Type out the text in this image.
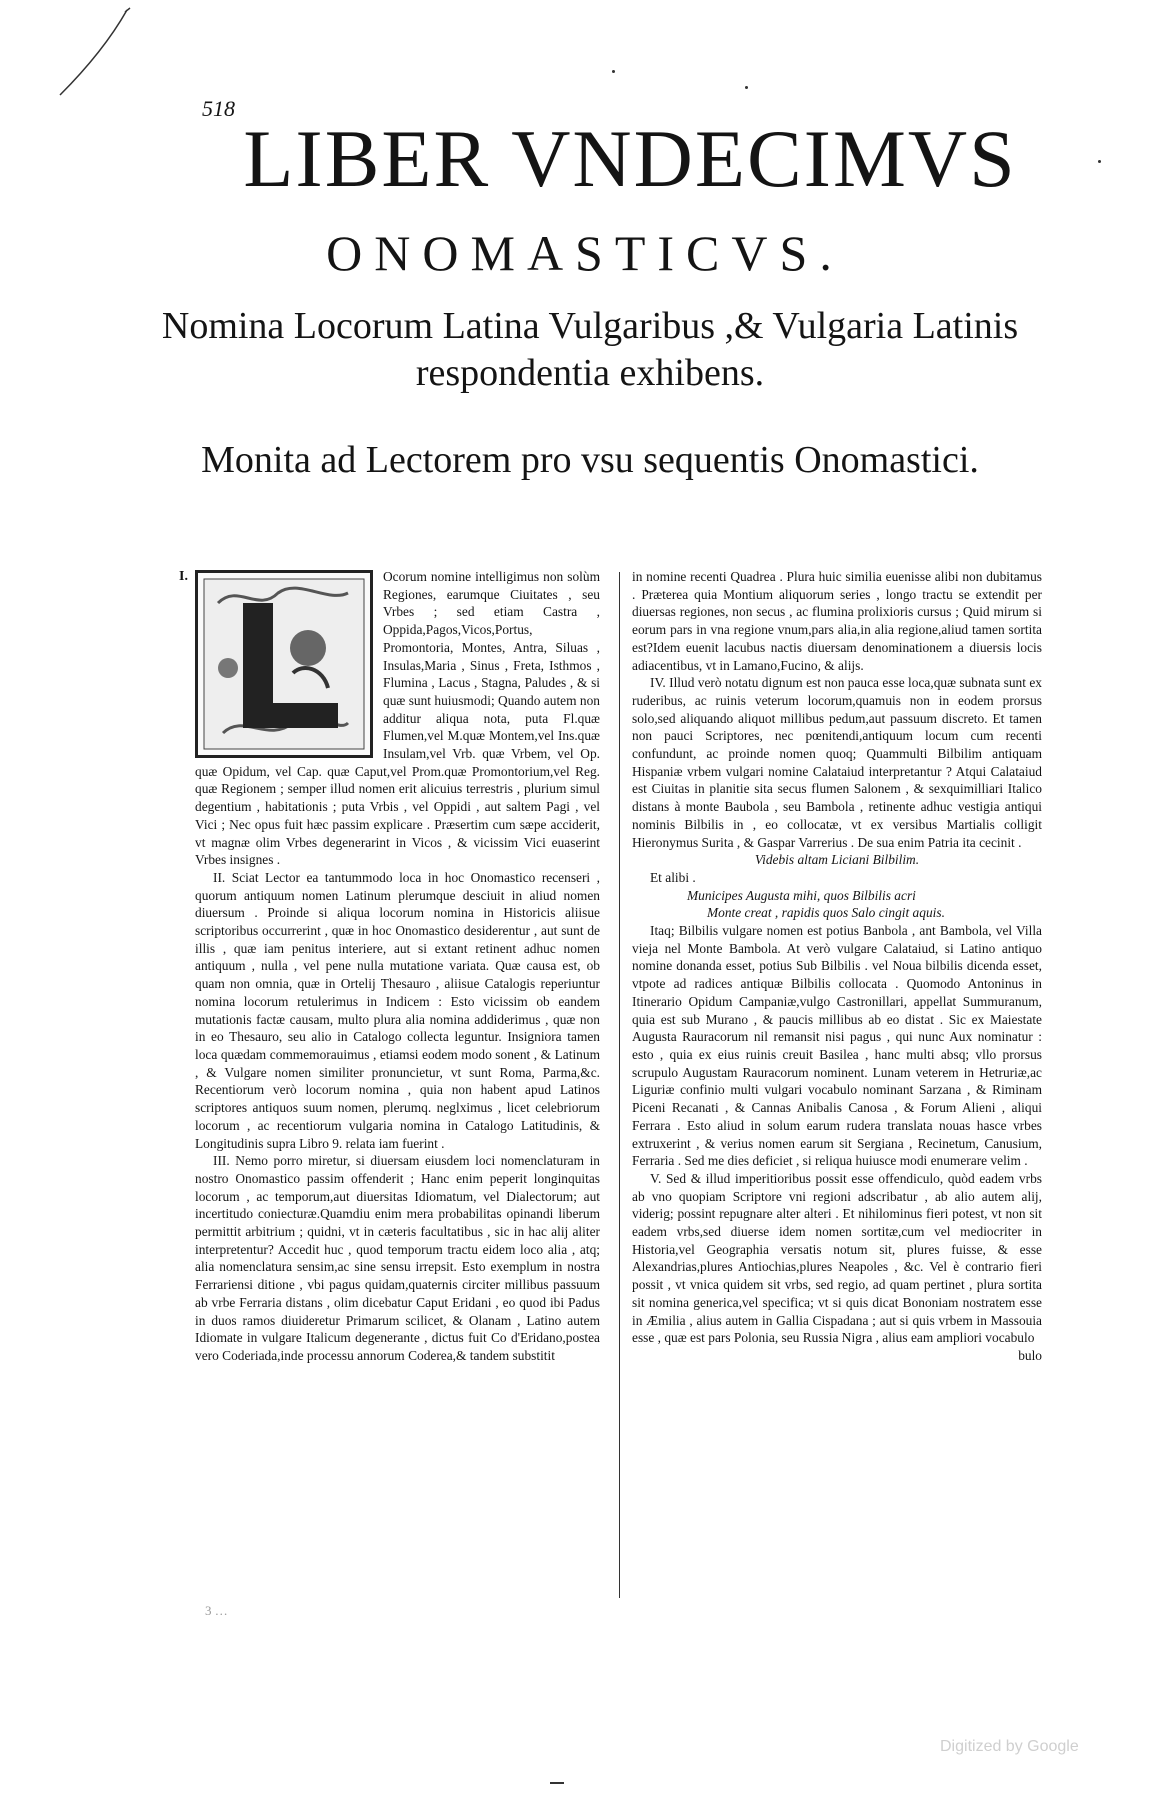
518
LIBER VNDECIMVS
ONOMASTICVS.
Nomina Locorum Latina Vulgaribus ,& Vulgaria Latinis respondentia exhibens.
Monita ad Lectorem pro vsu sequentis Onomastici.
I.	Ocorum nomine intelligimus non solùm Regiones, earumque Ciuitates , seu Vrbes ; sed etiam Castra , Oppida,Pagos,Vicos,Portus, Promontoria, Montes, Antra, Siluas , Insulas,Maria , Sinus , Freta, Isthmos , Flumina , Lacus , Stagna, Paludes , & si quæ sunt huiusmodi; Quando autem non additur aliqua nota, puta Fl.quæ Flumen,vel M.quæ Montem,vel Ins.quæ Insulam,vel Vrb. quæ Vrbem, vel Op. quæ Opidum, vel Cap. quæ Caput,vel Prom.quæ Promontorium,vel Reg. quæ Regionem ; semper illud nomen erit alicuius terrestris , plurium simul degentium , habitationis ; puta Vrbis , vel Oppidi , aut saltem Pagi , vel Vici ; Nec opus fuit hæc passim explicare . Præsertim cum sæpe acciderit, vt magnæ olim Vrbes degenerarint in Vicos , & vicissim Vici euaserint Vrbes insignes .

II. Sciat Lector ea tantummodo loca in hoc Onomastico recenseri , quorum antiquum nomen Latinum plerumque desciuit in aliud nomen diuersum . Proinde si aliqua locorum nomina in Historicis aliisue scriptoribus occurrerint , quæ in hoc Onomastico desiderentur , aut sunt de illis , quæ iam penitus interiere, aut si extant retinent adhuc nomen antiquum , nulla , vel pene nulla mutatione variata. Quæ causa est, ob quam non omnia, quæ in Ortelij Thesauro , aliisue Catalogis reperiuntur nomina locorum retulerimus in Indicem : Esto vicissim ob eandem mutationis factæ causam, multo plura alia nomina addiderimus , quæ non in eo Thesauro, seu alio in Catalogo collecta leguntur. Insigniora tamen loca quædam commemorauimus , etiamsi eodem modo sonent , & Latinum , & Vulgare nomen similiter pronuncietur, vt sunt Roma, Parma,&c. Recentiorum verò locorum nomina , quia non habent apud Latinos scriptores antiquos suum nomen, plerumq. neglximus , licet celebriorum locorum , ac recentiorum vulgaria nomina in Catalogo Latitudinis, & Longitudinis supra Libro 9. relata iam fuerint .

III. Nemo porro miretur, si diuersam eiusdem loci nomenclaturam in nostro Onomastico passim offenderit ; Hanc enim peperit longinquitas locorum , ac temporum,aut diuersitas Idiomatum, vel Dialectorum; aut incertitudo coniecturæ.Quamdiu enim mera probabilitas opinandi liberum permittit arbitrium ; quidni, vt in cæteris facultatibus , sic in hac alij aliter interpretentur? Accedit huc , quod temporum tractu eidem loco alia , atq; alia nomenclatura sensim,ac sine sensu irrepsit. Esto exemplum in nostra Ferrariensi ditione , vbi pagus quidam,quaternis circiter millibus passuum ab vrbe Ferraria distans , olim dicebatur Caput Eridani , eo quod ibi Padus in duos ramos diuideretur Primarum scilicet, & Olanam , Latino autem Idiomate in vulgare Italicum degenerante , dictus fuit Co d'Eridano,postea vero Coderiada,inde processu annorum Coderea,& tandem substitit

in nomine recenti Quadrea . Plura huic similia euenisse alibi non dubitamus . Præterea quia Montium aliquorum series , longo tractu se extendit per diuersas regiones, non secus , ac flumina prolixioris cursus ; Quid mirum si eorum pars in vna regione vnum,pars alia,in alia regione,aliud tamen sortita est?Idem euenit lacubus nactis diuersam denominationem a diuersis locis adiacentibus, vt in Lamano,Fucino, & alijs.

IV. Illud verò notatu dignum est non pauca esse loca,quæ subnata sunt ex ruderibus, ac ruinis veterum locorum,quamuis non in eodem prorsus solo,sed aliquando aliquot millibus pedum,aut passuum discreto. Et tamen non pauci Scriptores, nec pœnitendi,antiquum locum cum recenti confundunt, ac proinde nomen quoq; Quammulti Bilbilim antiquam Hispaniæ vrbem vulgari nomine Calataiud interpretantur ? Atqui Calataiud est Ciuitas in planitie sita secus flumen Salonem , & sexquimilliari Italico distans à monte Baubola , seu Bambola , retinente adhuc vestigia antiqui nominis Bilbilis in , eo collocatæ, vt ex versibus Martialis colligit Hieronymus Surita , & Gaspar Varrerius . De sua enim Patria ita cecinit .

Videbis altam Liciani Bilbilim.

Et alibi .

Municipes Augusta mihi, quos Bilbilis acri

Monte creat , rapidis quos Salo cingit aquis.

Itaq; Bilbilis vulgare nomen est potius Banbola , ant Bambola, vel Villa vieja nel Monte Bambola. At verò vulgare Calataiud, si Latino antiquo nomine donanda esset, potius Sub Bilbilis . vel Noua bilbilis dicenda esset, vtpote ad radices antiquæ Bilbilis collocata . Quomodo Antoninus in Itinerario Opidum Campaniæ,vulgo Castronillari, appellat Summuranum, quia est sub Murano , & paucis millibus ab eo distat . Sic ex Maiestate Augusta Rauracorum nil remansit nisi pagus , qui nunc Aux nominatur : esto , quia ex eius ruinis creuit Basilea , hanc multi absq; vllo prorsus scrupulo Augustam Rauracorum nominent. Lunam veterem in Hetruriæ,ac Liguriæ confinio multi vulgari vocabulo nominant Sarzana , & Riminam Piceni Recanati , & Cannas Anibalis Canosa , & Forum Alieni , aliqui Ferrara . Esto aliud in solum earum rudera translata nouas hasce vrbes extruxerint , & verius nomen earum sit Sergiana , Recinetum, Canusium, Ferraria . Sed me dies deficiet , si reliqua huiusce modi enumerare velim .

V. Sed & illud imperitioribus possit esse offendiculo, quòd eadem vrbs ab vno quopiam Scriptore vni regioni adscribatur , ab alio autem alij, viderig; possint repugnare alter alteri . Et nihilominus fieri potest, vt non sit eadem vrbs,sed diuerse idem nomen sortitæ,cum vel mediocriter in Historia,vel Geographia versatis notum sit, plures fuisse, & esse Alexandrias,plures Antiochias,plures Neapoles , &c. Vel è contrario fieri possit , vt vnica quidem sit vrbs, sed regio, ad quam pertinet , plura sortita sit nomina generica,vel specifica; vt si quis dicat Bononiam nostratem esse in Æmilia , alius autem in Gallia Cispadana ; aut si quis vrbem in Massouia esse , quæ est pars Polonia, seu Russia Nigra , alius eam ampliori vocabulo

bulo

3 …
Digitized by Google
